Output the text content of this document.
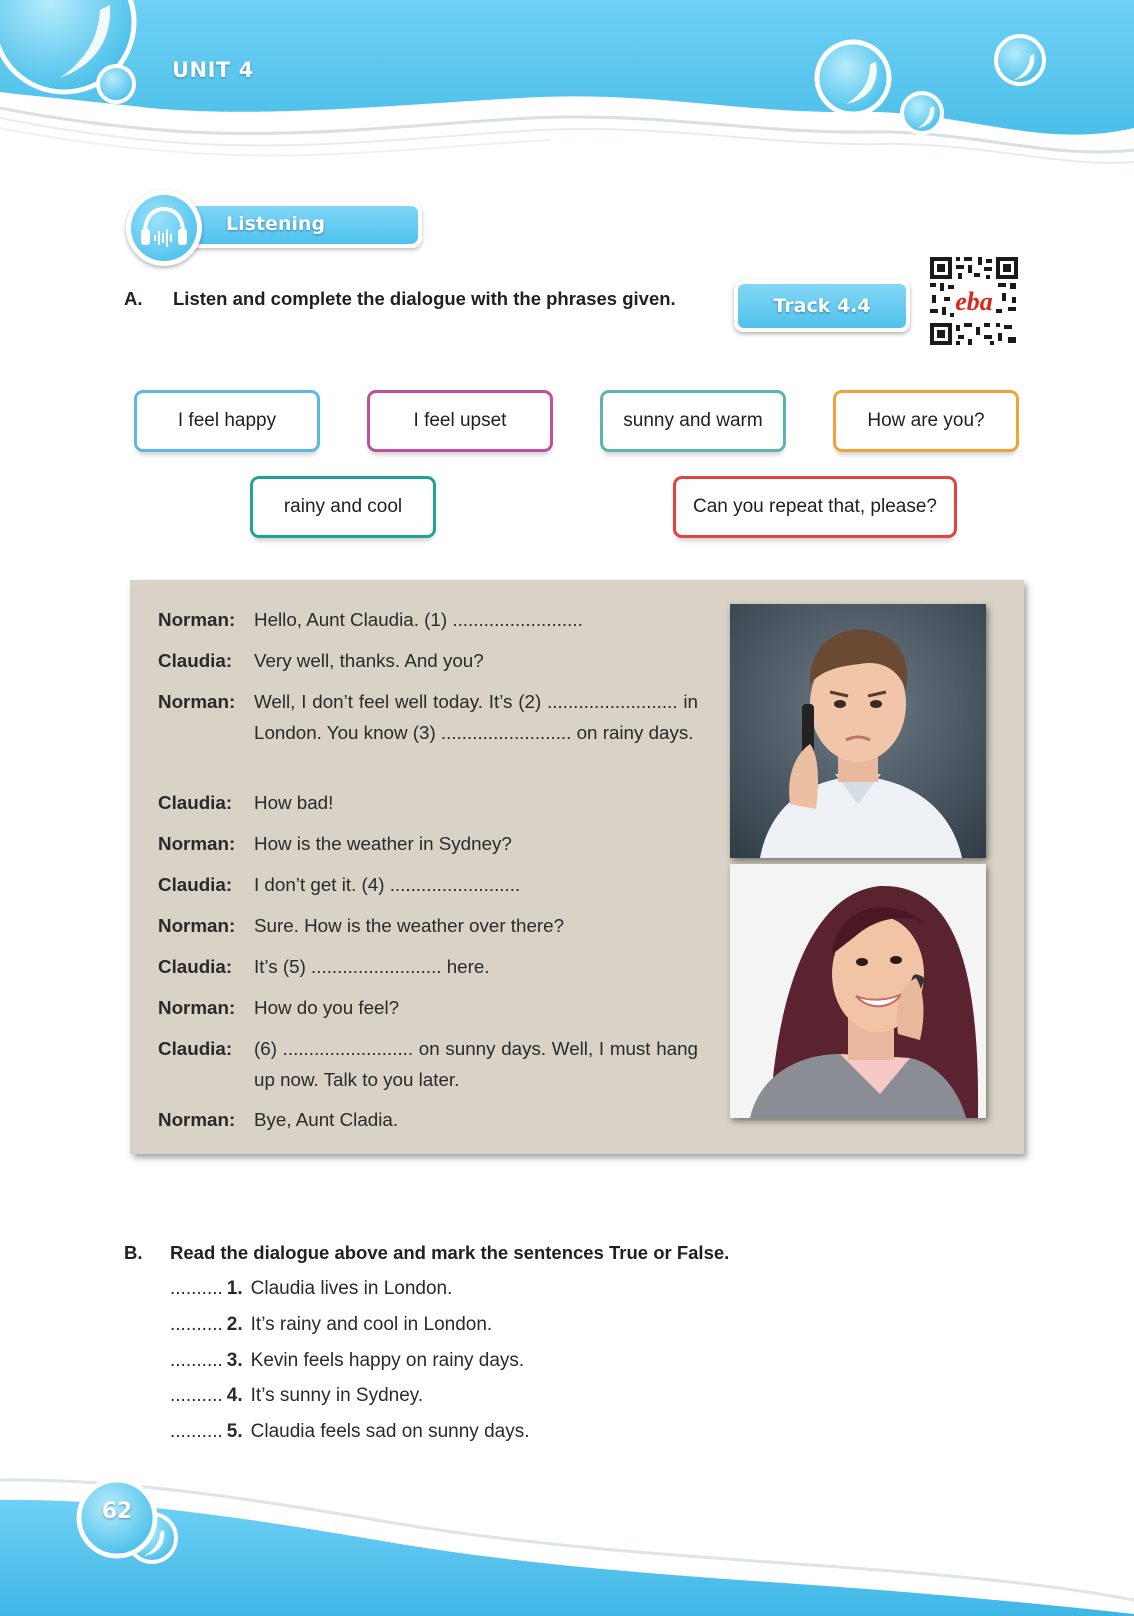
UNIT 4
Listening
A. Listen and complete the dialogue with the phrases given.	Track 4.4	eba
I feel happy	I feel upset	sunny and warm	How are you?
rainy and cool	Can you repeat that, please?
Norman: Hello, Aunt Claudia. (1) .........................
Claudia: Very well, thanks. And you?
Norman: Well, I don’t feel well today. It’s (2) ......................... in London. You know (3) ......................... on rainy days.
Claudia: How bad!
Norman: How is the weather in Sydney?
Claudia: I don’t get it. (4) .........................
Norman: Sure. How is the weather over there?
Claudia: It’s (5) ......................... here.
Norman: How do you feel?
Claudia: (6) ......................... on sunny days. Well, I must hang up now. Talk to you later.
Norman: Bye, Aunt Cladia.
B. Read the dialogue above and mark the sentences True or False.
.......... 1. Claudia lives in London.
.......... 2. It’s rainy and cool in London.
.......... 3. Kevin feels happy on rainy days.
.......... 4. It’s sunny in Sydney.
.......... 5. Claudia feels sad on sunny days.
62
